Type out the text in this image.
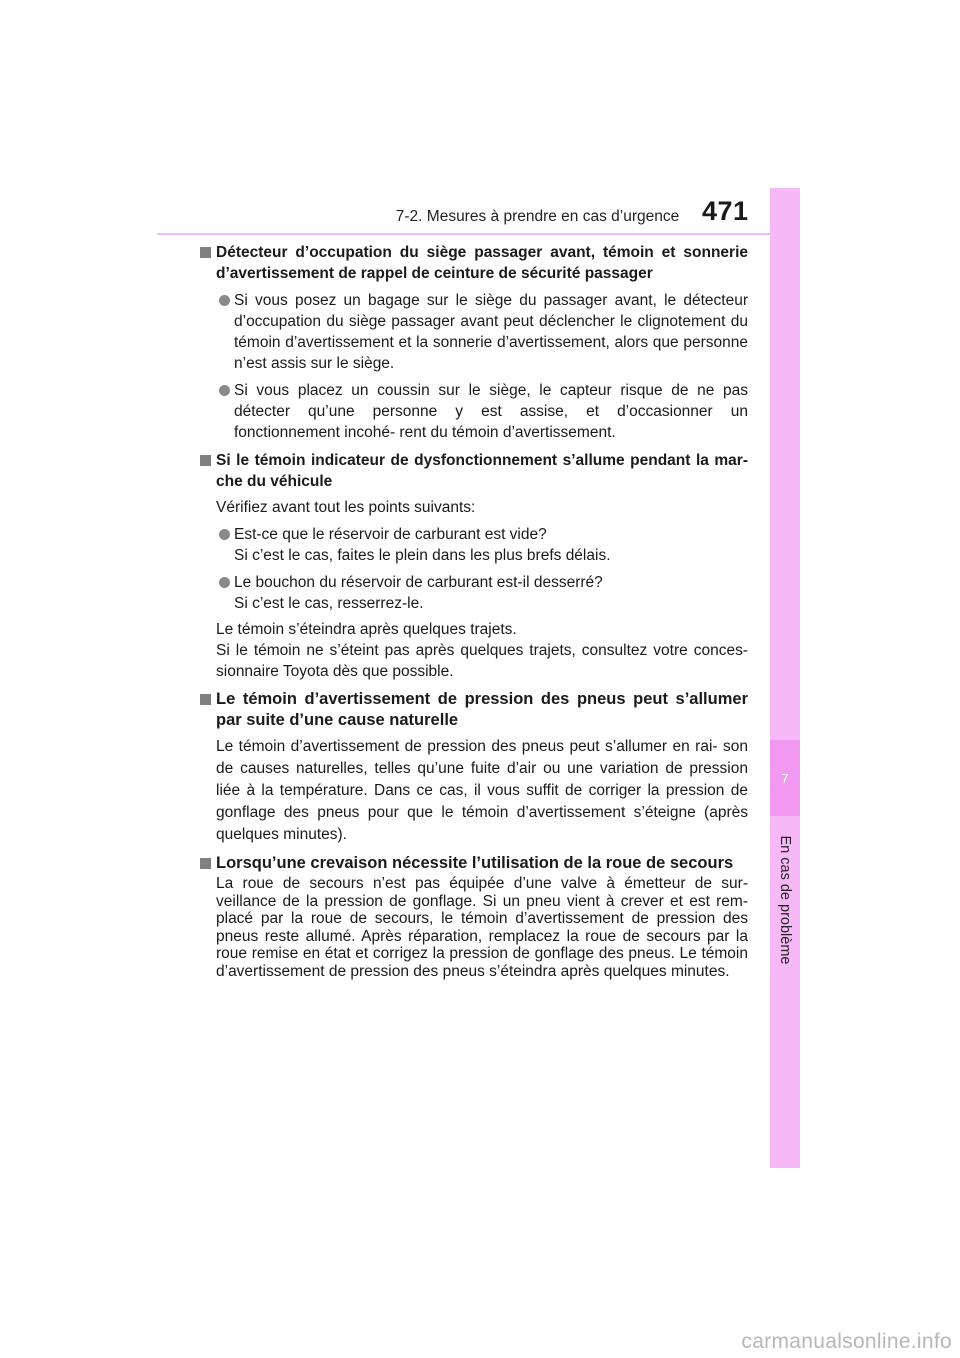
7-2. Mesures à prendre en cas d’urgence 471
7
En cas de problème
Détecteur d’occupation du siège passager avant, témoin et sonnerie d’avertissement de rappel de ceinture de sécurité passager
Si vous posez un bagage sur le siège du passager avant, le détecteur d’occupation du siège passager avant peut déclencher le clignotement du témoin d’avertissement et la sonnerie d’avertissement, alors que personne n’est assis sur le siège.
Si vous placez un coussin sur le siège, le capteur risque de ne pas détecter qu’une personne y est assise, et d’occasionner un fonctionnement incohé- rent du témoin d’avertissement.
Si le témoin indicateur de dysfonctionnement s’allume pendant la mar- che du véhicule
Vérifiez avant tout les points suivants:
Est-ce que le réservoir de carburant est vide?
Si c’est le cas, faites le plein dans les plus brefs délais.
Le bouchon du réservoir de carburant est-il desserré?
Si c’est le cas, resserrez-le.
Le témoin s’éteindra après quelques trajets.
Si le témoin ne s’éteint pas après quelques trajets, consultez votre conces- sionnaire Toyota dès que possible.
Le témoin d’avertissement de pression des pneus peut s’allumer par suite d’une cause naturelle
Le témoin d’avertissement de pression des pneus peut s’allumer en rai- son de causes naturelles, telles qu’une fuite d’air ou une variation de pression liée à la température. Dans ce cas, il vous suffit de corriger la pression de gonflage des pneus pour que le témoin d’avertissement s’éteigne (après quelques minutes).
Lorsqu’une crevaison nécessite l’utilisation de la roue de secours
La roue de secours n’est pas équipée d’une valve à émetteur de sur- veillance de la pression de gonflage. Si un pneu vient à crever et est rem- placé par la roue de secours, le témoin d’avertissement de pression des pneus reste allumé. Après réparation, remplacez la roue de secours par la roue remise en état et corrigez la pression de gonflage des pneus. Le témoin d’avertissement de pression des pneus s’éteindra après quelques minutes.
carmanualsonline.info
